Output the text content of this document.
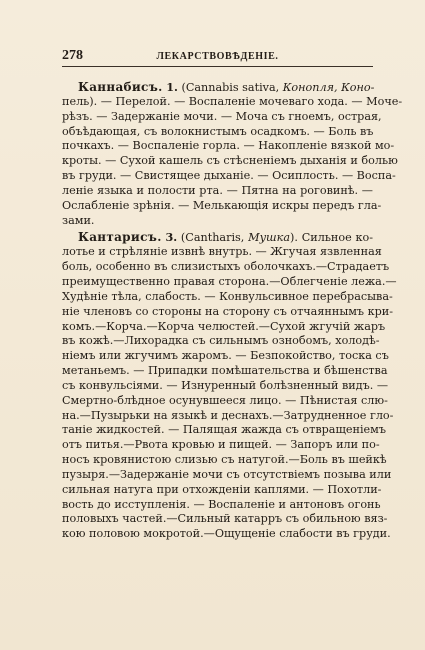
278	ЛЕКАРСТВОВѢДЕНІЕ.
Каннабисъ. 1. (Cannabis sativa, Конопля, Коно-
пель). — Перелой. — Воспаленіе мочеваго хода. — Моче-
рѣзъ. — Задержаніе мочи. — Моча съ гноемъ, острая,
объѣдающая, съ волокнистымъ осадкомъ. — Боль въ
почкахъ. — Воспаленіе горла. — Накопленіе вязкой мо-
кроты. — Сухой кашель съ стѣсненіемъ дыханія и болью
въ груди. — Свистящее дыханіе. — Осиплость. — Воспа-
леніе языка и полости рта. — Пятна на роговинѣ. —
Ослабленіе зрѣнія. — Мелькающія искры передъ гла-
зами.
Кантарисъ. 3. (Cantharis, Мушка). Сильное ко-
лотье и стрѣляніе извнѣ внутрь. — Жгучая язвленная
боль, особенно въ слизистыхъ оболочкахъ.—Страдаетъ
преимущественно правая сторона.—Облегченіе лежа.—
Худѣніе тѣла, слабость. — Конвульсивное перебрасыва-
ніе членовъ со стороны на сторону съ отчаяннымъ кри-
комъ.—Корча.—Корча челюстей.—Сухой жгучій жаръ
въ кожѣ.—Лихорадка съ сильнымъ ознобомъ, холодѣ-
ніемъ или жгучимъ жаромъ. — Безпокойство, тоска съ
метаньемъ. — Припадки помѣшательства и бѣшенства
съ конвульсіями. — Изнуренный болѣзненный видъ. —
Смертно-блѣдное осунувшееся лицо. — Пѣнистая слю-
на.—Пузырьки на языкѣ и деснахъ.—Затрудненное гло-
таніе жидкостей. — Палящая жажда съ отвращеніемъ
отъ питья.—Рвота кровью и пищей. — Запоръ или по-
носъ кровянистою слизью съ натугой.—Боль въ шейкѣ
пузыря.—Задержаніе мочи съ отсутствіемъ позыва или
сильная натуга при отхожденіи каплями. — Похотли-
вость до исступленія. — Воспаленіе и антоновъ огонь
половыхъ частей.—Сильный катарръ съ обильною вяз-
кою половою мокротой.—Ощущеніе слабости въ груди.
